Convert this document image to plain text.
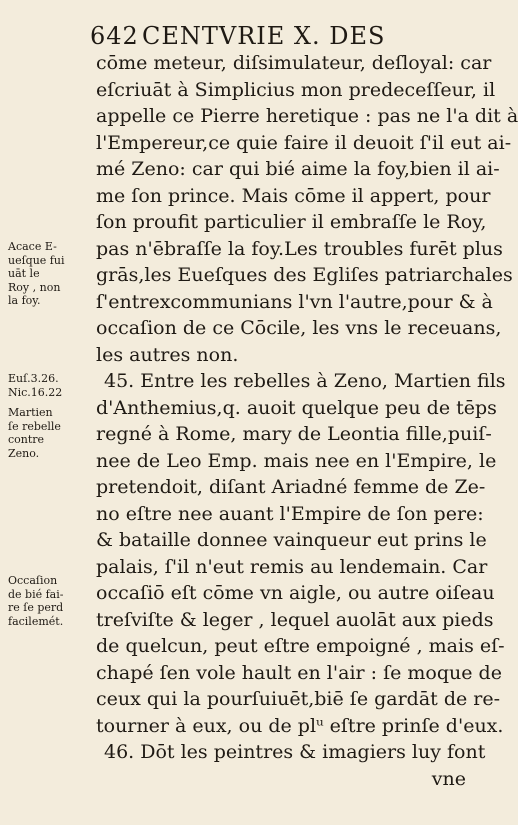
642 CENTVRIE X. DES
cōme meteur, diſsimulateur, deſloyal: car
eſcriuāt à Simplicius mon predeceſſeur, il
appelle ce Pierre heretique : pas ne l'a dit à
l'Empereur,ce quie faire il deuoit ſ'il eut ai-
mé Zeno: car qui bié aime la foy,bien il ai-
me ſon prince. Mais cōme il appert, pour
ſon proufit particulier il embraſſe le Roy,
pas n'ēbraſſe la foy.Les troubles furēt plus
grās,les Eueſques des Egliſes patriarchales
ſ'entrexcommunians l'vn l'autre,pour & à
occaſion de ce Cōcile, les vns le receuans,
les autres non.
45. Entre les rebelles à Zeno, Martien fils
d'Anthemius,q. auoit quelque peu de tēps
regné à Rome, mary de Leontia fille,puiſ-
nee de Leo Emp. mais nee en l'Empire, le
pretendoit, diſant Ariadné femme de Ze-
no eſtre nee auant l'Empire de ſon pere:
& bataille donnee vainqueur eut prins le
palais, ſ'il n'eut remis au lendemain. Car
occaſiō eſt cōme vn aigle, ou autre oiſeau
treſviſte & leger , lequel auolāt aux pieds
de quelcun, peut eſtre empoigné , mais eſ-
chapé ſen vole hault en l'air : ſe moque de
ceux qui la pourſuiuēt,biē ſe gardāt de re-
tourner à eux, ou de plᵘ eſtre prinſe d'eux.
46. Dōt les peintres & imagiers luy font
vne
Acace E-
ueſque fui
uāt le
Roy , non
la foy.
Euſ.3.26.
Nic.16.22
Martien
ſe rebelle
contre
Zeno.
Occaſion
de bié fai-
re ſe perd
facilemét.
